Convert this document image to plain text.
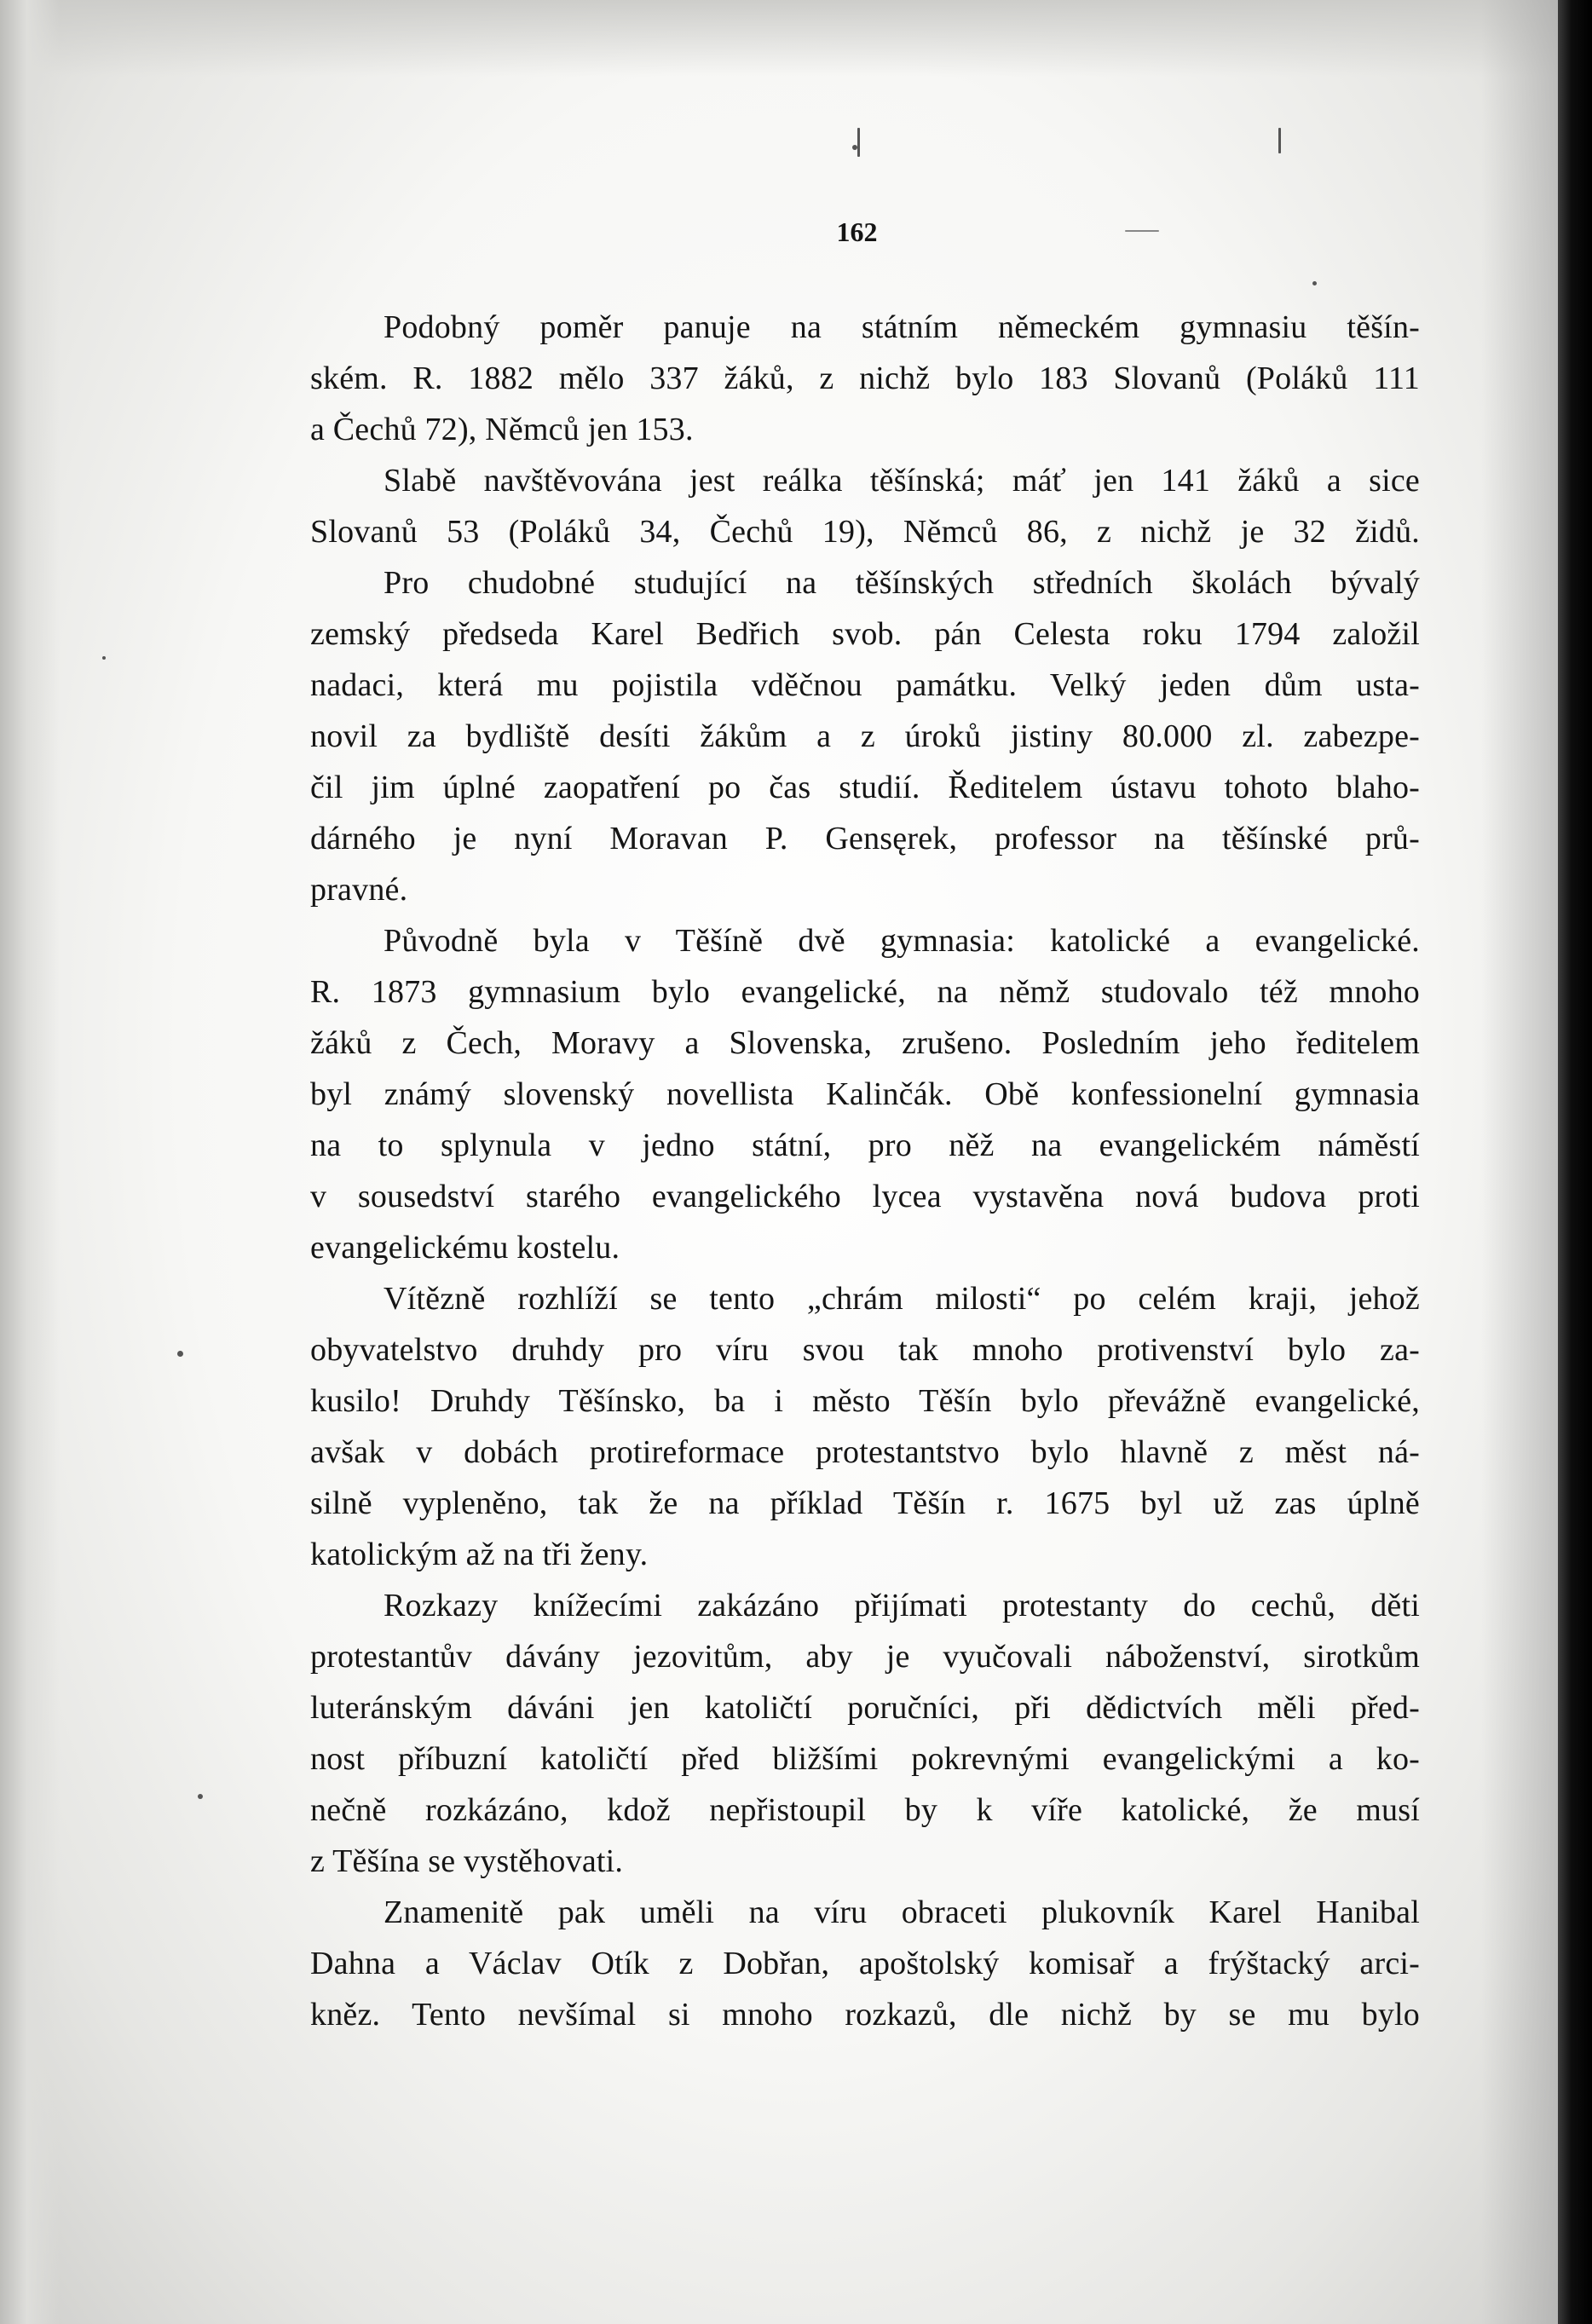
162
Podobný poměr panuje na státním německém gymnasiu těšín-
ském. R. 1882 mělo 337 žáků, z nichž bylo 183 Slovanů (Poláků 111
a Čechů 72), Němců jen 153.
Slabě navštěvována jest reálka těšínská; máť jen 141 žáků a sice
Slovanů 53 (Poláků 34, Čechů 19), Němců 86, z nichž je 32 židů.
Pro chudobné studující na těšínských středních školách bývalý
zemský předseda Karel Bedřich svob. pán Celesta roku 1794 založil
nadaci, která mu pojistila vděčnou památku. Velký jeden dům usta-
novil za bydliště desíti žákům a z úroků jistiny 80.000 zl. zabezpe-
čil jim úplné zaopatření po čas studií. Ředitelem ústavu tohoto blaho-
dárného je nyní Moravan P. Gensęrek, professor na těšínské prů-
pravné.
Původně byla v Těšíně dvě gymnasia: katolické a evangelické.
R. 1873 gymnasium bylo evangelické, na němž studovalo též mnoho
žáků z Čech, Moravy a Slovenska, zrušeno. Posledním jeho ředitelem
byl známý slovenský novellista Kalinčák. Obě konfessionelní gymnasia
na to splynula v jedno státní, pro něž na evangelickém náměstí
v sousedství starého evangelického lycea vystavěna nová budova proti
evangelickému kostelu.
Vítězně rozhlíží se tento „chrám milosti“ po celém kraji, jehož
obyvatelstvo druhdy pro víru svou tak mnoho protivenství bylo za-
kusilo! Druhdy Těšínsko, ba i město Těšín bylo převážně evangelické,
avšak v dobách protireformace protestantstvo bylo hlavně z měst ná-
silně vypleněno, tak že na příklad Těšín r. 1675 byl už zas úplně
katolickým až na tři ženy.
Rozkazy knížecími zakázáno přijímati protestanty do cechů, děti
protestantův dávány jezovitům, aby je vyučovali náboženství, sirotkům
luteránským dáváni jen katoličtí poručníci, při dědictvích měli před-
nost příbuzní katoličtí před bližšími pokrevnými evangelickými a ko-
nečně rozkázáno, kdož nepřistoupil by k víře katolické, že musí
z Těšína se vystěhovati.
Znamenitě pak uměli na víru obraceti plukovník Karel Hanibal
Dahna a Václav Otík z Dobřan, apoštolský komisař a frýštacký arci-
kněz. Tento nevšímal si mnoho rozkazů, dle nichž by se mu bylo
